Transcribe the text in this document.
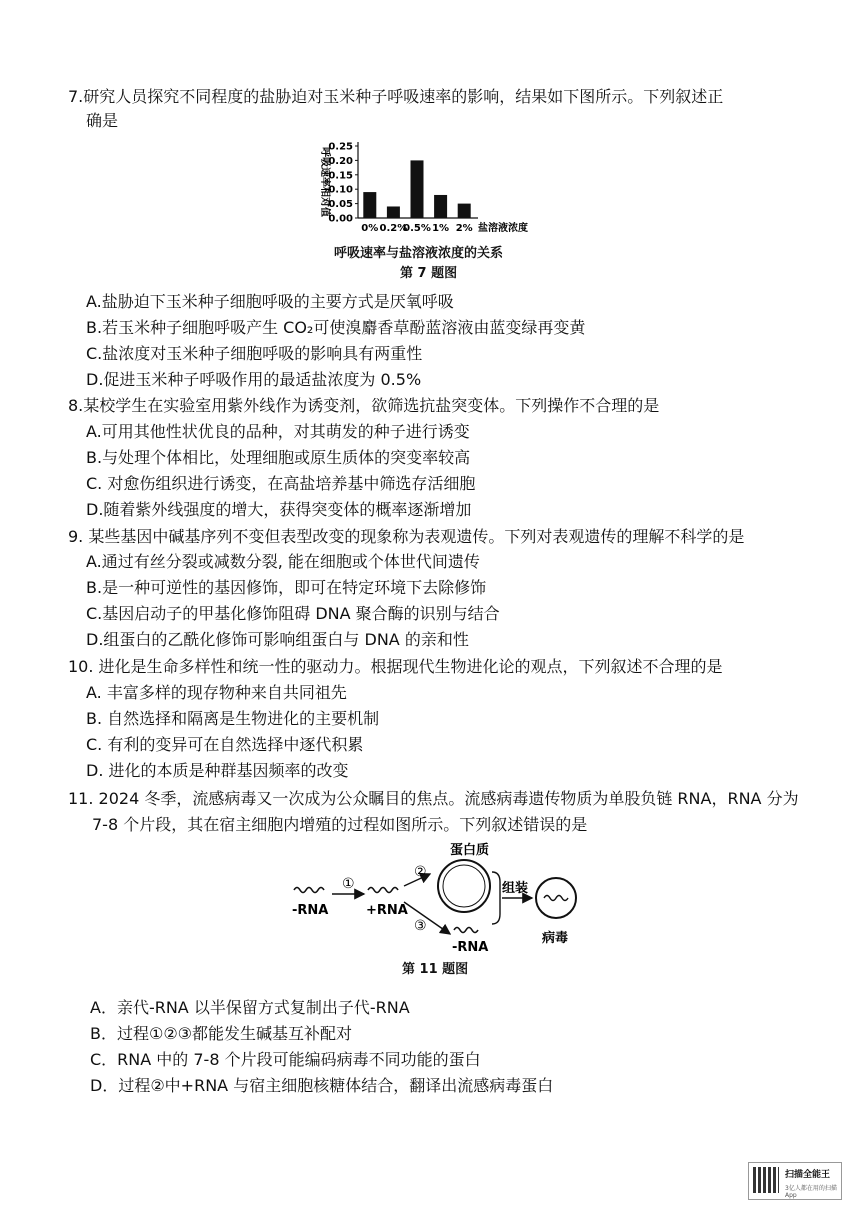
7.研究人员探究不同程度的盐胁迫对玉米种子呼吸速率的影响，结果如下图所示。下列叙述正
确是
呼吸速率相对值
0.00
0.05
0.10
0.15
0.20
0.25
0% 0.2%
0.5% 1% 2% 盐溶液浓度
呼吸速率与盐溶液浓度的关系
第 7 题图
A.盐胁迫下玉米种子细胞呼吸的主要方式是厌氧呼吸
B.若玉米种子细胞呼吸产生 CO₂可使溴麝香草酚蓝溶液由蓝变绿再变黄
C.盐浓度对玉米种子细胞呼吸的影响具有两重性
D.促进玉米种子呼吸作用的最适盐浓度为 0.5%
8.某校学生在实验室用紫外线作为诱变剂，欲筛选抗盐突变体。下列操作不合理的是
A.可用其他性状优良的品种，对其萌发的种子进行诱变
B.与处理个体相比，处理细胞或原生质体的突变率较高
C. 对愈伤组织进行诱变，在高盐培养基中筛选存活细胞
D.随着紫外线强度的增大，获得突变体的概率逐渐增加
9. 某些基因中碱基序列不变但表型改变的现象称为表观遗传。下列对表观遗传的理解不科学的是
A.通过有丝分裂或减数分裂, 能在细胞或个体世代间遗传
B.是一种可逆性的基因修饰，即可在特定环境下去除修饰
C.基因启动子的甲基化修饰阻碍 DNA 聚合酶的识别与结合
D.组蛋白的乙酰化修饰可影响组蛋白与 DNA 的亲和性
10. 进化是生命多样性和统一性的驱动力。根据现代生物进化论的观点，下列叙述不合理的是
A. 丰富多样的现存物种来自共同祖先
B. 自然选择和隔离是生物进化的主要机制
C. 有利的变异可在自然选择中逐代积累
D. 进化的本质是种群基因频率的改变
11. 2024 冬季，流感病毒又一次成为公众瞩目的焦点。流感病毒遗传物质为单股负链 RNA，RNA 分为
7-8 个片段，其在宿主细胞内增殖的过程如图所示。下列叙述错误的是
-RNA
①
+RNA
②
蛋白质
③
-RNA
组装
病毒
第 11 题图
A．亲代-RNA 以半保留方式复制出子代-RNA
B．过程①②③都能发生碱基互补配对
C．RNA 中的 7-8 个片段可能编码病毒不同功能的蛋白
D．过程②中+RNA 与宿主细胞核糖体结合，翻译出流感病毒蛋白
扫描全能王
3亿人都在用的扫描App
